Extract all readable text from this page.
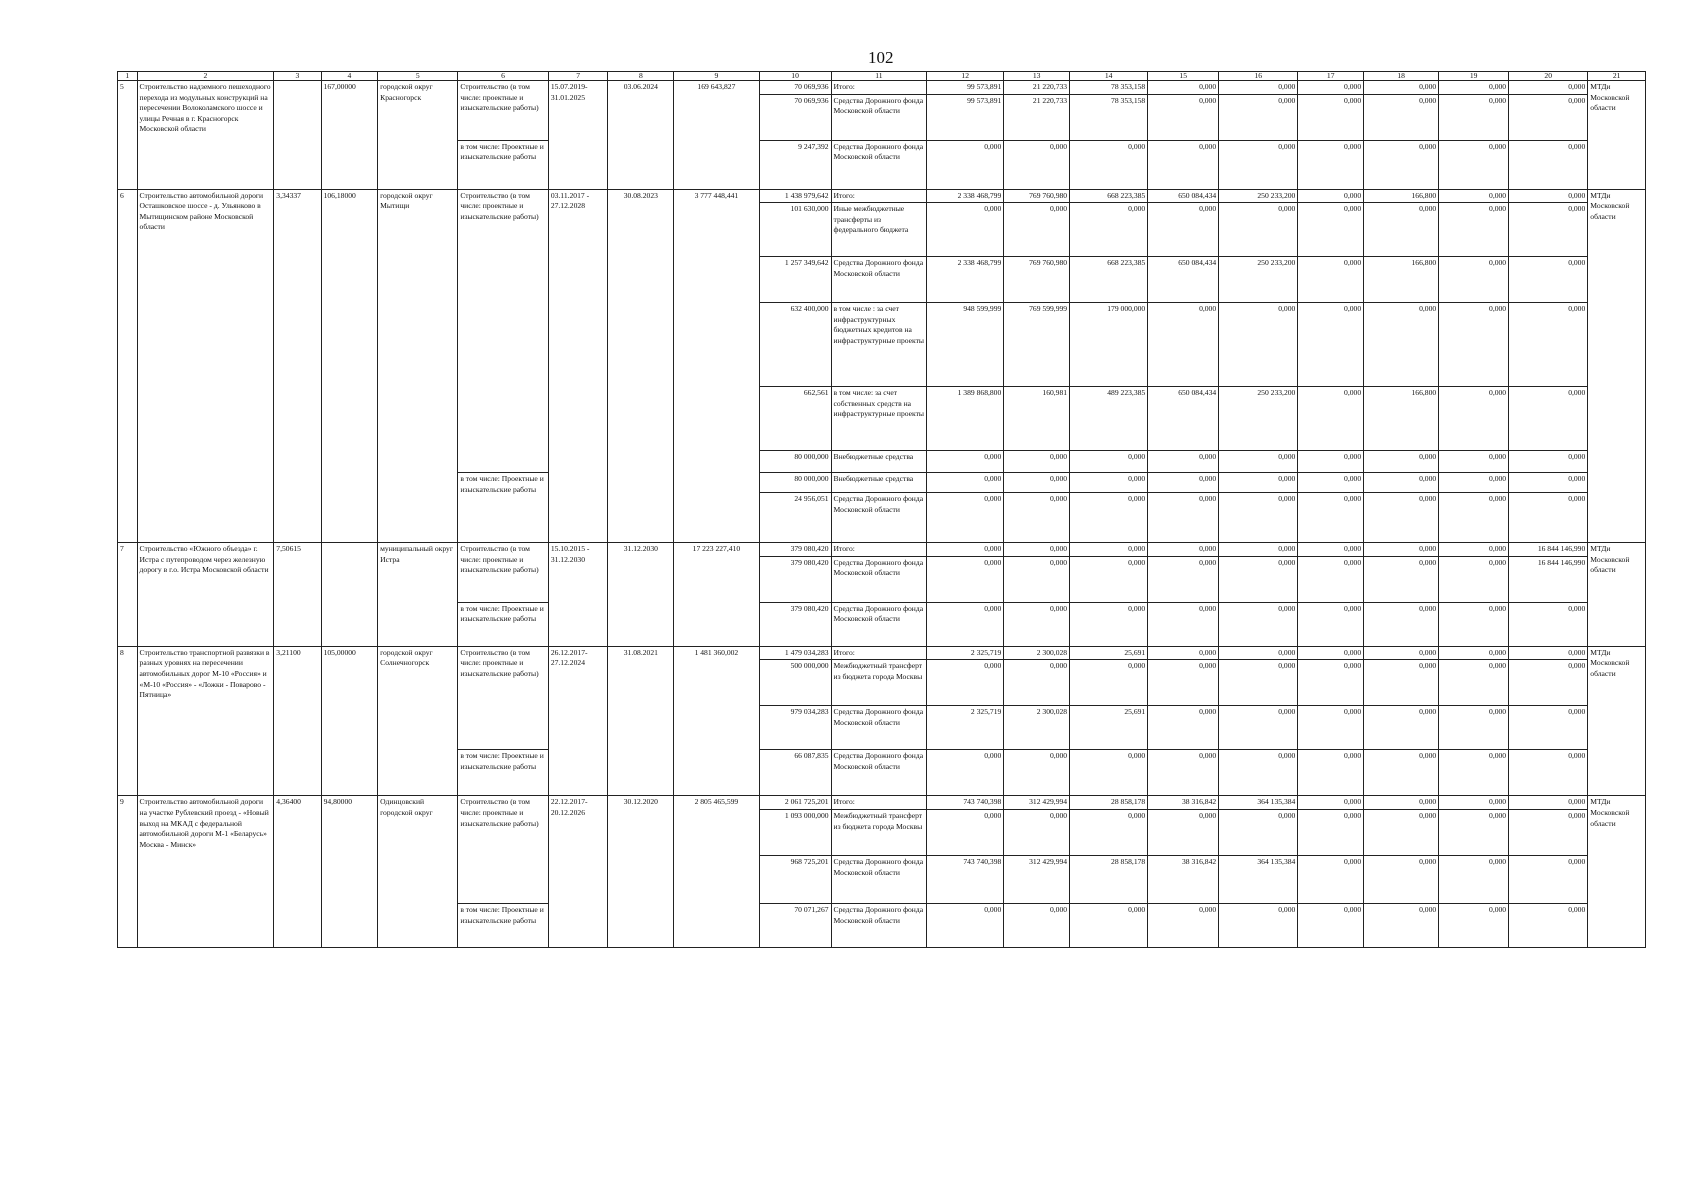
102
1	2	3	4	5	6	7	8	9	10	11	12	13	14	15	16	17	18	19	20	21
5	Строительство надземного пешеходного перехода из модульных конструкций на пересечении Волоколамского шоссе и улицы Речная в г. Красногорск Московской области		167,00000	городской округ Красногорск	Строительство (в том числе: проектные и изыскательские работы)	15.07.2019- 31.01.2025	03.06.2024	169 643,827	70 069,936	Итого:	99 573,891	21 220,733	78 353,158	0,000	0,000	0,000	0,000	0,000	0,000	МТДи Московской области
									70 069,936	Средства Дорожного фонда Московской области	99 573,891	21 220,733	78 353,158	0,000	0,000	0,000	0,000	0,000	0,000	
					в том числе: Проектные и изыскательские работы				9 247,392	Средства Дорожного фонда Московской области	0,000	0,000	0,000	0,000	0,000	0,000	0,000	0,000	0,000	
6	Строительство автомобильной дороги Осташковское шоссе - д. Ульянково в Мытищинском районе Московской области	3,34337	106,18000	городской округ Мытищи	Строительство (в том числе: проектные и изыскательские работы)	03.11.2017 - 27.12.2028	30.08.2023	3 777 448,441	1 438 979,642	Итого:	2 338 468,799	769 760,980	668 223,385	650 084,434	250 233,200	0,000	166,800	0,000	0,000	МТДи Московской области
									101 630,000	Иные межбюджетные трансферты из федерального бюджета	0,000	0,000	0,000	0,000	0,000	0,000	0,000	0,000	0,000	
									1 257 349,642	Средства Дорожного фонда Московской области	2 338 468,799	769 760,980	668 223,385	650 084,434	250 233,200	0,000	166,800	0,000	0,000	
									632 400,000	в том числе : за счет инфраструктурных бюджетных кредитов на инфраструктурные проекты	948 599,999	769 599,999	179 000,000	0,000	0,000	0,000	0,000	0,000	0,000	
									662,561	в том числе: за счет собственных средств на инфраструктурные проекты	1 389 868,800	160,981	489 223,385	650 084,434	250 233,200	0,000	166,800	0,000	0,000	
									80 000,000	Внебюджетные средства	0,000	0,000	0,000	0,000	0,000	0,000	0,000	0,000	0,000	
					в том числе: Проектные и изыскательские работы				80 000,000	Внебюджетные средства	0,000	0,000	0,000	0,000	0,000	0,000	0,000	0,000	0,000	
									24 956,051	Средства Дорожного фонда Московской области	0,000	0,000	0,000	0,000	0,000	0,000	0,000	0,000	0,000	
7	Строительство «Южного объезда» г. Истра с путепроводом через железную дорогу в г.о. Истра Московской области	7,50615		муниципальный округ Истра	Строительство (в том числе: проектные и изыскательские работы)	15.10.2015 - 31.12.2030	31.12.2030	17 223 227,410	379 080,420	Итого:	0,000	0,000	0,000	0,000	0,000	0,000	0,000	0,000	16 844 146,990	МТДи Московской области
									379 080,420	Средства Дорожного фонда Московской области	0,000	0,000	0,000	0,000	0,000	0,000	0,000	0,000	16 844 146,990	
					в том числе: Проектные и изыскательские работы				379 080,420	Средства Дорожного фонда Московской области	0,000	0,000	0,000	0,000	0,000	0,000	0,000	0,000	0,000	
8	Строительство транспортной развязки в разных уровнях на пересечении автомобильных дорог М-10 «Россия» и «М-10 «Россия» - «Ложки - Поварово - Пятница»	3,21100	105,00000	городской округ Солнечногорск	Строительство (в том числе: проектные и изыскательские работы)	26.12.2017- 27.12.2024	31.08.2021	1 481 360,002	1 479 034,283	Итого:	2 325,719	2 300,028	25,691	0,000	0,000	0,000	0,000	0,000	0,000	МТДи Московской области
									500 000,000	Межбюджетный трансферт из бюджета города Москвы	0,000	0,000	0,000	0,000	0,000	0,000	0,000	0,000	0,000	
									979 034,283	Средства Дорожного фонда Московской области	2 325,719	2 300,028	25,691	0,000	0,000	0,000	0,000	0,000	0,000	
					в том числе: Проектные и изыскательские работы				66 087,835	Средства Дорожного фонда Московской области	0,000	0,000	0,000	0,000	0,000	0,000	0,000	0,000	0,000	
9	Строительство автомобильной дороги на участке Рублевский проезд - «Новый выход на МКАД с федеральной автомобильной дороги М-1 «Беларусь» Москва - Минск»	4,36400	94,80000	Одинцовский городской округ	Строительство (в том числе: проектные и изыскательские работы)	22.12.2017- 20.12.2026	30.12.2020	2 805 465,599	2 061 725,201	Итого:	743 740,398	312 429,994	28 858,178	38 316,842	364 135,384	0,000	0,000	0,000	0,000	МТДи Московской области
									1 093 000,000	Межбюджетный трансферт из бюджета города Москвы	0,000	0,000	0,000	0,000	0,000	0,000	0,000	0,000	0,000	
									968 725,201	Средства Дорожного фонда Московской области	743 740,398	312 429,994	28 858,178	38 316,842	364 135,384	0,000	0,000	0,000	0,000	
					в том числе: Проектные и изыскательские работы				70 071,267	Средства Дорожного фонда Московской области	0,000	0,000	0,000	0,000	0,000	0,000	0,000	0,000	0,000	
